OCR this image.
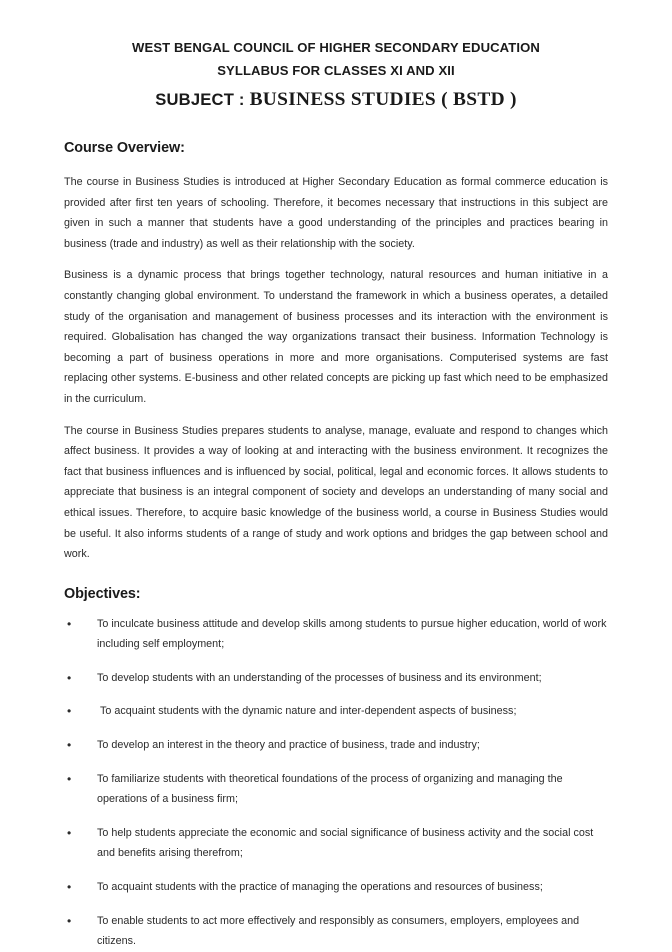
WEST BENGAL COUNCIL OF HIGHER SECONDARY EDUCATION
SYLLABUS FOR CLASSES XI AND XII
SUBJECT : BUSINESS STUDIES ( BSTD )
Course Overview:

The course in Business Studies is introduced at Higher Secondary Education as formal commerce education is provided after first ten years of schooling. Therefore, it becomes necessary that instructions in this subject are given in such a manner that students have a good understanding of the principles and practices bearing in business (trade and industry) as well as their relationship with the society.

Business is a dynamic process that brings together technology, natural resources and human initiative in a constantly changing global environment. To understand the framework in which a business operates, a detailed study of the organisation and management of business processes and its interaction with the environment is required. Globalisation has changed the way organizations transact their business. Information Technology is becoming a part of business operations in more and more organisations. Computerised systems are fast replacing other systems. E-business and other related concepts are picking up fast which need to be emphasized in the curriculum.

The course in Business Studies prepares students to analyse, manage, evaluate and respond to changes which affect business. It provides a way of looking at and interacting with the business environment. It recognizes the fact that business influences and is influenced by social, political, legal and economic forces. It allows students to appreciate that business is an integral component of society and develops an understanding of many social and ethical issues. Therefore, to acquire basic knowledge of the business world, a course in Business Studies would be useful. It also informs students of a range of study and work options and bridges the gap between school and work.

Objectives:
• To inculcate business attitude and develop skills among students to pursue higher education, world of work including self employment;
• To develop students with an understanding of the processes of business and its environment;
• To acquaint students with the dynamic nature and inter-dependent aspects of business;
• To develop an interest in the theory and practice of business, trade and industry;
• To familiarize students with theoretical foundations of the process of organizing and managing the operations of a business firm;
• To help students appreciate the economic and social significance of business activity and the social cost and benefits arising therefrom;
• To acquaint students with the practice of managing the operations and resources of business;
• To enable students to act more effectively and responsibly as consumers, employers, employees and citizens.
